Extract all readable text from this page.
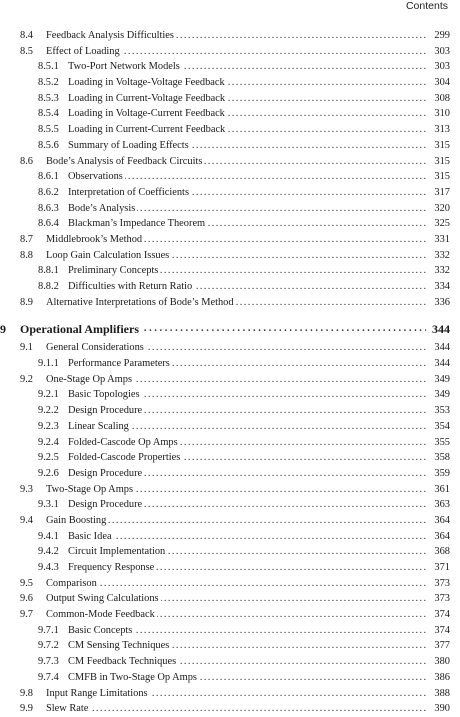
Contents
8.4 Feedback Analysis Difficulties . . .	299
8.5 Effect of Loading . . .	303
8.5.1 Two-Port Network Models . . .	303
8.5.2 Loading in Voltage-Voltage Feedback . . .	304
8.5.3 Loading in Current-Voltage Feedback . . .	308
8.5.4 Loading in Voltage-Current Feedback . . .	310
8.5.5 Loading in Current-Current Feedback . . .	313
8.5.6 Summary of Loading Effects . . .	315
8.6 Bode’s Analysis of Feedback Circuits . . .	315
8.6.1 Observations . . .	315
8.6.2 Interpretation of Coefficients . . .	317
8.6.3 Bode’s Analysis . . .	320
8.6.4 Blackman’s Impedance Theorem . . .	325
8.7 Middlebrook’s Method . . .	331
8.8 Loop Gain Calculation Issues . . .	332
8.8.1 Preliminary Concepts . . .	332
8.8.2 Difficulties with Return Ratio . . .	334
8.9 Alternative Interpretations of Bode’s Method . . .	336
9 Operational Amplifiers . . .	344
9.1 General Considerations . . .	344
9.1.1 Performance Parameters . . .	344
9.2 One-Stage Op Amps . . .	349
9.2.1 Basic Topologies . . .	349
9.2.2 Design Procedure . . .	353
9.2.3 Linear Scaling . . .	354
9.2.4 Folded-Cascode Op Amps . . .	355
9.2.5 Folded-Cascode Properties . . .	358
9.2.6 Design Procedure . . .	359
9.3 Two-Stage Op Amps . . .	361
9.3.1 Design Procedure . . .	363
9.4 Gain Boosting . . .	364
9.4.1 Basic Idea . . .	364
9.4.2 Circuit Implementation . . .	368
9.4.3 Frequency Response . . .	371
9.5 Comparison . . .	373
9.6 Output Swing Calculations . . .	373
9.7 Common-Mode Feedback . . .	374
9.7.1 Basic Concepts . . .	374
9.7.2 CM Sensing Techniques . . .	377
9.7.3 CM Feedback Techniques . . .	380
9.7.4 CMFB in Two-Stage Op Amps . . .	386
9.8 Input Range Limitations . . .	388
9.9 Slew Rate . . .	390
